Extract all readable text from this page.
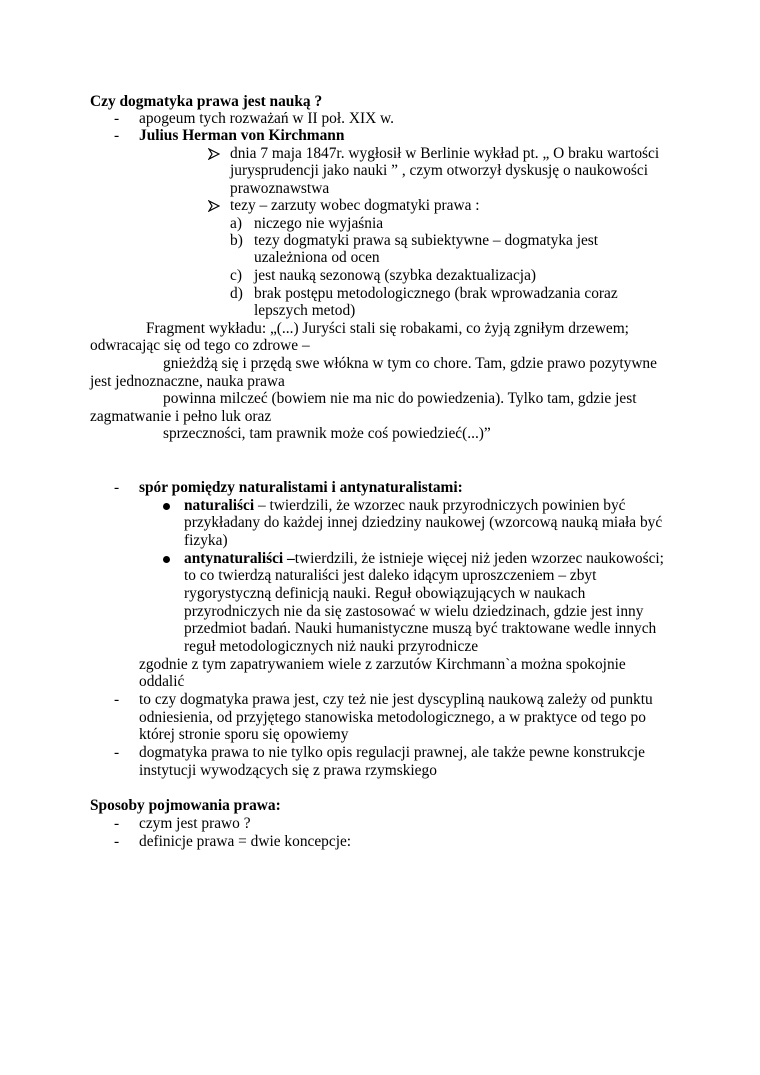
Czy dogmatyka prawa jest nauką ?
- apogeum tych rozważań w II poł. XIX w.
- Julius Herman von Kirchmann
dnia 7 maja 1847r. wygłosił w Berlinie wykład pt. „ O braku wartości
jurysprudencji jako nauki ” , czym otworzył dyskusję o naukowości
prawoznawstwa
tezy – zarzuty wobec dogmatyki prawa :
a) niczego nie wyjaśnia
b) tezy dogmatyki prawa są subiektywne – dogmatyka jest
uzależniona od ocen
c) jest nauką sezonową (szybka dezaktualizacja)
d) brak postępu metodologicznego (brak wprowadzania coraz
lepszych metod)
Fragment wykładu: „(...) Juryści stali się robakami, co żyją zgniłym drzewem;
odwracając się od tego co zdrowe –
gnieżdżą się i przędą swe włókna w tym co chore. Tam, gdzie prawo pozytywne
jest jednoznaczne, nauka prawa
powinna milczeć (bowiem nie ma nic do powiedzenia). Tylko tam, gdzie jest
zagmatwanie i pełno luk oraz
sprzeczności, tam prawnik może coś powiedzieć(...)”
- spór pomiędzy naturalistami i antynaturalistami:
naturaliści – twierdzili, że wzorzec nauk przyrodniczych powinien być
przykładany do każdej innej dziedziny naukowej (wzorcową nauką miała być
fizyka)
antynaturaliści –twierdzili, że istnieje więcej niż jeden wzorzec naukowości;
to co twierdzą naturaliści jest daleko idącym uproszczeniem – zbyt
rygorystyczną definicją nauki. Reguł obowiązujących w naukach
przyrodniczych nie da się zastosować w wielu dziedzinach, gdzie jest inny
przedmiot badań. Nauki humanistyczne muszą być traktowane wedle innych
reguł metodologicznych niż nauki przyrodnicze
zgodnie z tym zapatrywaniem wiele z zarzutów Kirchmann`a można spokojnie
oddalić
- to czy dogmatyka prawa jest, czy też nie jest dyscypliną naukową zależy od punktu
odniesienia, od przyjętego stanowiska metodologicznego, a w praktyce od tego po
której stronie sporu się opowiemy
- dogmatyka prawa to nie tylko opis regulacji prawnej, ale także pewne konstrukcje
instytucji wywodzących się z prawa rzymskiego
Sposoby pojmowania prawa:
- czym jest prawo ?
- definicje prawa = dwie koncepcje:
